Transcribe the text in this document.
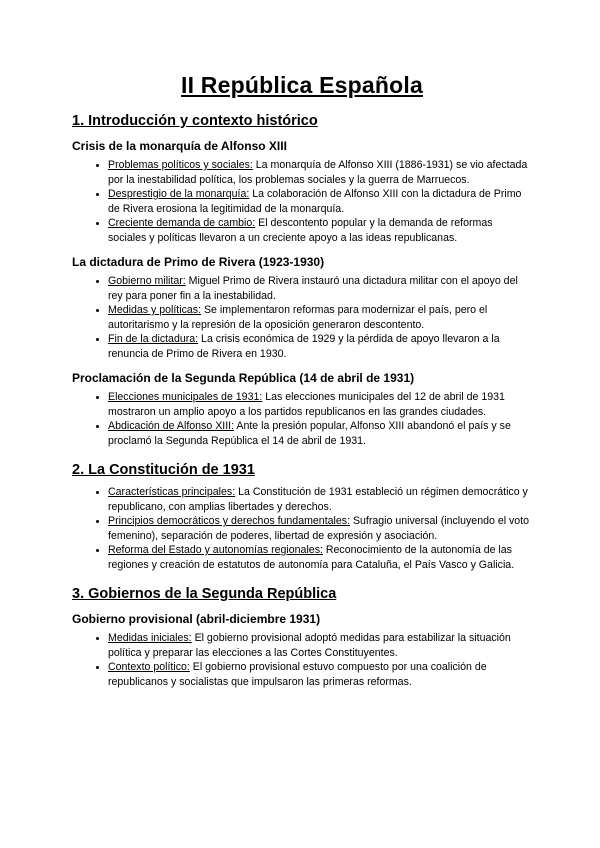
II República Española
1. Introducción y contexto histórico
Crisis de la monarquía de Alfonso XIII
• Problemas políticos y sociales: La monarquía de Alfonso XIII (1886-1931) se vio afectada por la inestabilidad política, los problemas sociales y la guerra de Marruecos.
• Desprestigio de la monarquía: La colaboración de Alfonso XIII con la dictadura de Primo de Rivera erosiona la legitimidad de la monarquía.
• Creciente demanda de cambio: El descontento popular y la demanda de reformas sociales y políticas llevaron a un creciente apoyo a las ideas republicanas.
La dictadura de Primo de Rivera (1923-1930)
• Gobierno militar: Miguel Primo de Rivera instauró una dictadura militar con el apoyo del rey para poner fin a la inestabilidad.
• Medidas y políticas: Se implementaron reformas para modernizar el país, pero el autoritarismo y la represión de la oposición generaron descontento.
• Fin de la dictadura: La crisis económica de 1929 y la pérdida de apoyo llevaron a la renuncia de Primo de Rivera en 1930.
Proclamación de la Segunda República (14 de abril de 1931)
• Elecciones municipales de 1931: Las elecciones municipales del 12 de abril de 1931 mostraron un amplio apoyo a los partidos republicanos en las grandes ciudades.
• Abdicación de Alfonso XIII: Ante la presión popular, Alfonso XIII abandonó el país y se proclamó la Segunda República el 14 de abril de 1931.
2. La Constitución de 1931
• Características principales: La Constitución de 1931 estableció un régimen democrático y republicano, con amplias libertades y derechos.
• Principios democráticos y derechos fundamentales: Sufragio universal (incluyendo el voto femenino), separación de poderes, libertad de expresión y asociación.
• Reforma del Estado y autonomías regionales: Reconocimiento de la autonomía de las regiones y creación de estatutos de autonomía para Cataluña, el País Vasco y Galicia.
3. Gobiernos de la Segunda República
Gobierno provisional (abril-diciembre 1931)
• Medidas iniciales: El gobierno provisional adoptó medidas para estabilizar la situación política y preparar las elecciones a las Cortes Constituyentes.
• Contexto político: El gobierno provisional estuvo compuesto por una coalición de republicanos y socialistas que impulsaron las primeras reformas.
